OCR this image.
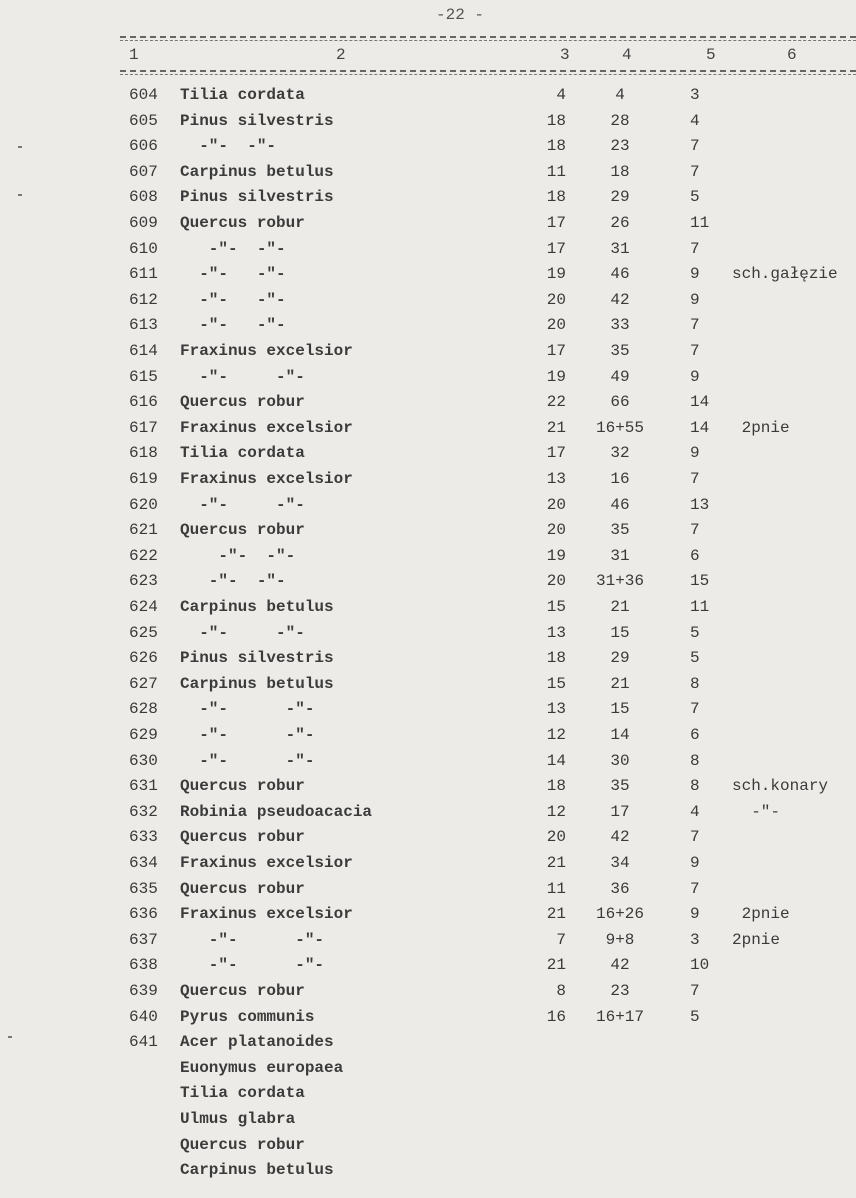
-22 -
1	2	3	4	5	6
604 Tilia cordata	4	4	3
605 Pinus silvestris	18	28	4
606 -"-  -"-	18	23	7
607 Carpinus betulus	11	18	7
608 Pinus silvestris	18	29	5
609 Quercus robur	17	26	11
610 -"-  -"-	17	31	7
611 -"-   -"-	19	46	9	sch.gałęzie
612 -"-   -"-	20	42	9
613 -"-   -"-	20	33	7
614 Fraxinus excelsior	17	35	7
615 -"-     -"-	19	49	9
616 Quercus robur	22	66	14
617 Fraxinus excelsior	21	16+55	14 2pnie
618 Tilia cordata	17	32	9
619 Fraxinus excelsior	13	16	7
620 -"-     -"-	20	46	13
621 Quercus robur	20	35	7
622 -"-  -"-	19	31	6
623 -"-  -"-	20	31+36	15
624 Carpinus betulus	15	21	11
625 -"-     -"-	13	15	5
626 Pinus silvestris	18	29	5
627 Carpinus betulus	15	21	8
628 -"-      -"-	13	15	7
629 -"-      -"-	12	14	6
630 -"-      -"-	14	30	8
631 Quercus robur	18	35	8	sch.konary
632 Robinia pseudoacacia	12	17	4	-"-
633 Quercus robur	20	42	7
634 Fraxinus excelsior	21	34	9
635 Quercus robur	11	36	7
636 Fraxinus excelsior	21	16+26	9	2pnie
637 -"-      -"-	7	9+8	3	2pnie
638 -"-      -"-	21	42	10
639 Quercus robur	8	23	7
640 Pyrus communis	16	16+17	5
641 Acer platanoides
Euonymus europaea
Tilia cordata
Ulmus glabra
Quercus robur
Carpinus betulus
